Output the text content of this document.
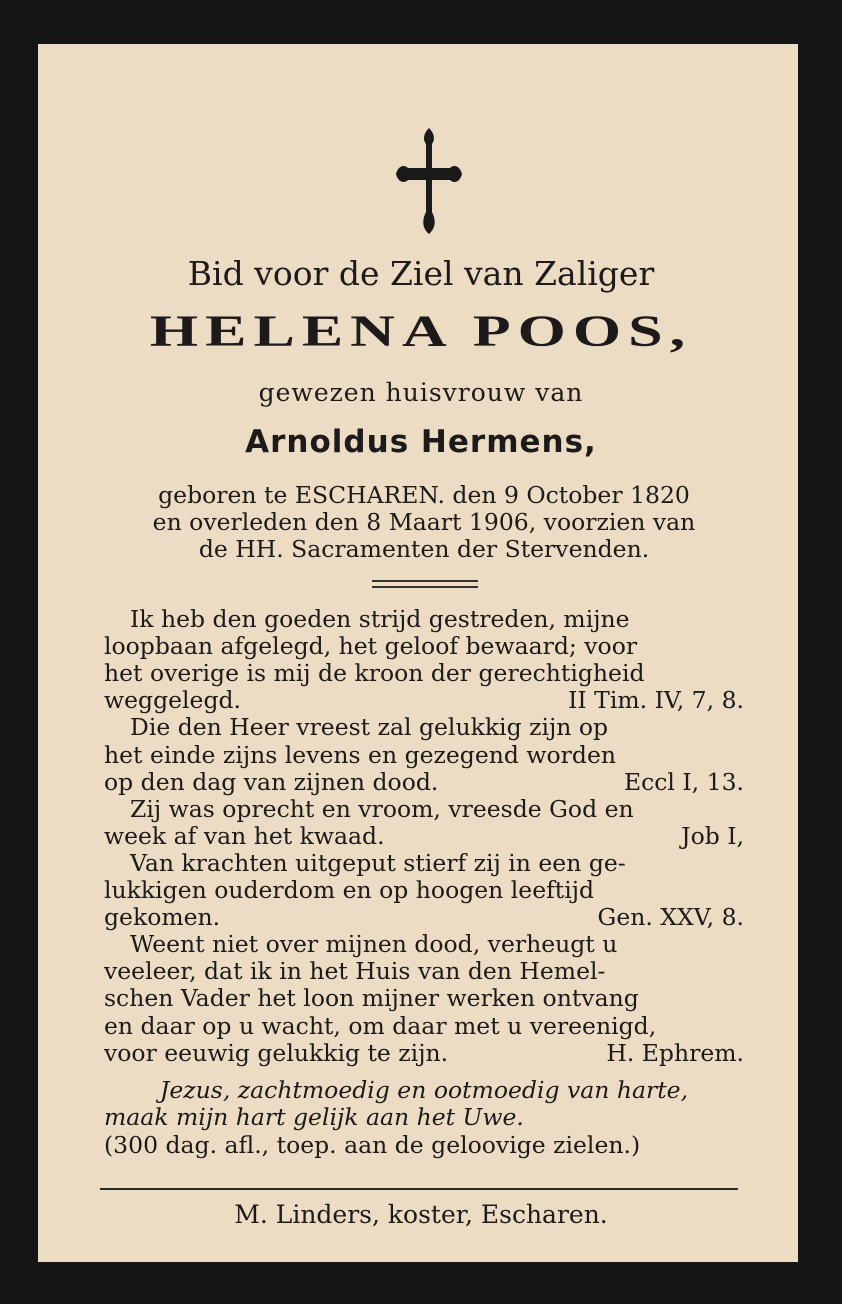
Bid voor de Ziel van Zaliger
HELENA POOS,
gewezen huisvrouw van
Arnoldus Hermens,
geboren te ESCHAREN. den 9 October 1820
en overleden den 8 Maart 1906, voorzien van
de HH. Sacramenten der Stervenden.
Ik heb den goeden strijd gestreden, mijne
loopbaan afgelegd, het geloof bewaard; voor
het overige is mij de kroon der gerechtigheid
weggelegd.	II Tim. IV, 7, 8.
Die den Heer vreest zal gelukkig zijn op
het einde zijns levens en gezegend worden
op den dag van zijnen dood.	Eccl I, 13.
Zij was oprecht en vroom, vreesde God en
week af van het kwaad.	Job I,
Van krachten uitgeput stierf zij in een ge-
lukkigen ouderdom en op hoogen leeftijd
gekomen.	Gen. XXV, 8.
Weent niet over mijnen dood, verheugt u
veeleer, dat ik in het Huis van den Hemel-
schen Vader het loon mijner werken ontvang
en daar op u wacht, om daar met u vereenigd,
voor eeuwig gelukkig te zijn.	H. Ephrem.
Jezus, zachtmoedig en ootmoedig van harte,
maak mijn hart gelijk aan het Uwe.
(300 dag. afl., toep. aan de geloovige zielen.)
M. Linders, koster, Escharen.
